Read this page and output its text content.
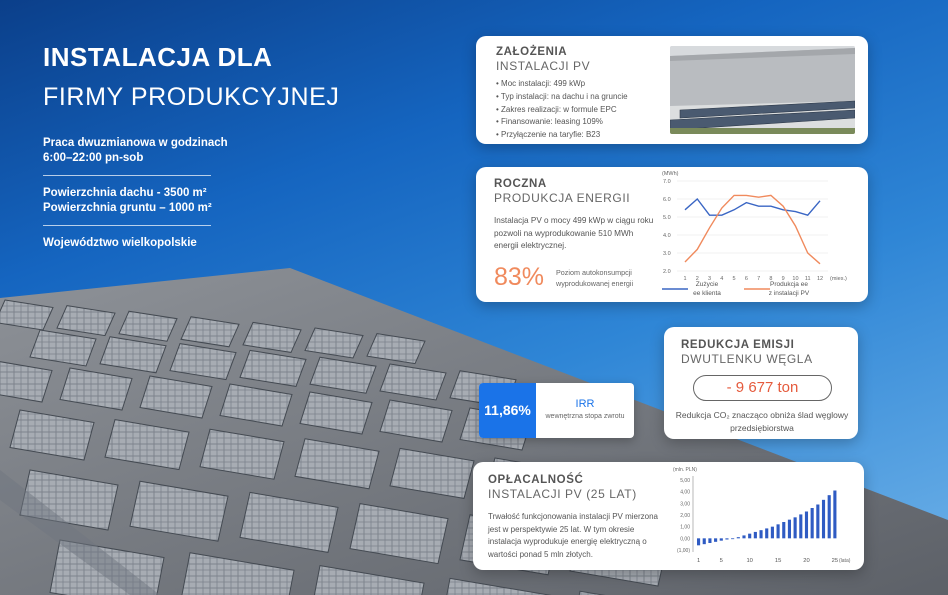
INSTALACJA DLA
FIRMY PRODUKCYJNEJ
Praca dwuzmianowa w godzinach
6:00–22:00 pn-sob
Powierzchnia dachu - 3500 m²
Powierzchnia gruntu – 1000 m²
Województwo wielkopolskie
ZAŁOŻENIA
INSTALACJI PV
• Moc instalacji: 499 kWp
• Typ instalacji: na dachu i na gruncie
• Zakres realizacji: w formule EPC
• Finansowanie: leasing 109%
• Przyłączenie na taryfie: B23
ROCZNA
PRODUKCJA ENERGII
Instalacja PV o mocy 499 kWp w ciągu roku pozwoli na wyprodukowanie 510 MWh energii elektrycznej.
83% Poziom autokonsumpcji wyprodukowanej energii
(MWh)
7.0
6.0
5.0
4.0
3.0
2.0
1 2 3 4 5 6 7 8 9 10 11 12 (mies.)
Zużycie
ee klienta
Produkcja ee
z instalacji PV
REDUKCJA EMISJI
DWUTLENKU WĘGLA
- 9 677 ton
Redukcja CO₂ znacząco obniża ślad węglowy przedsiębiorstwa
11,86%	IRR
wewnętrzna stopa zwrotu
OPŁACALNOŚĆ
INSTALACJI PV (25 LAT)
Trwałość funkcjonowania instalacji PV mierzona jest w perspektywie 25 lat. W tym okresie instalacja wyprodukuje energię elektryczną o wartości ponad 5 mln złotych.
(mln. PLN)
5,00
4,00
3,00
2,00
1,00
0,00
(1,00)
1	5	10	15	20	25 (lata)
